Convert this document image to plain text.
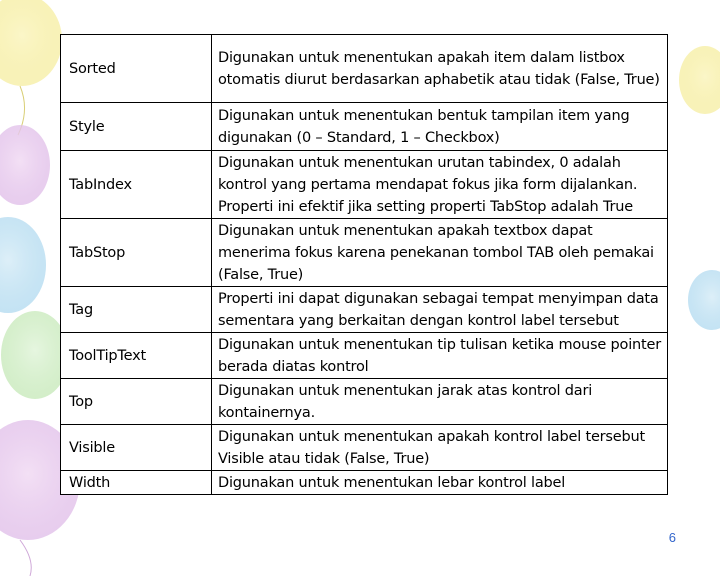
Sorted	Digunakan untuk menentukan apakah item dalam listbox otomatis diurut berdasarkan aphabetik atau tidak (False, True)
Style	Digunakan untuk menentukan bentuk tampilan item yang digunakan (0 – Standard, 1 – Checkbox)
TabIndex	Digunakan untuk menentukan urutan tabindex, 0 adalah kontrol yang pertama mendapat fokus jika form dijalankan. Properti ini efektif jika setting properti TabStop adalah True
TabStop	Digunakan untuk menentukan apakah textbox dapat menerima fokus karena penekanan tombol TAB oleh pemakai (False, True)
Tag	Properti ini dapat digunakan sebagai tempat menyimpan data sementara yang berkaitan dengan kontrol label tersebut
ToolTipText	Digunakan untuk menentukan tip tulisan ketika mouse pointer berada diatas kontrol
Top	Digunakan untuk menentukan jarak atas kontrol dari kontainernya.
Visible	Digunakan untuk menentukan apakah kontrol label tersebut Visible atau tidak (False, True)
Width	Digunakan untuk menentukan lebar kontrol label
6
